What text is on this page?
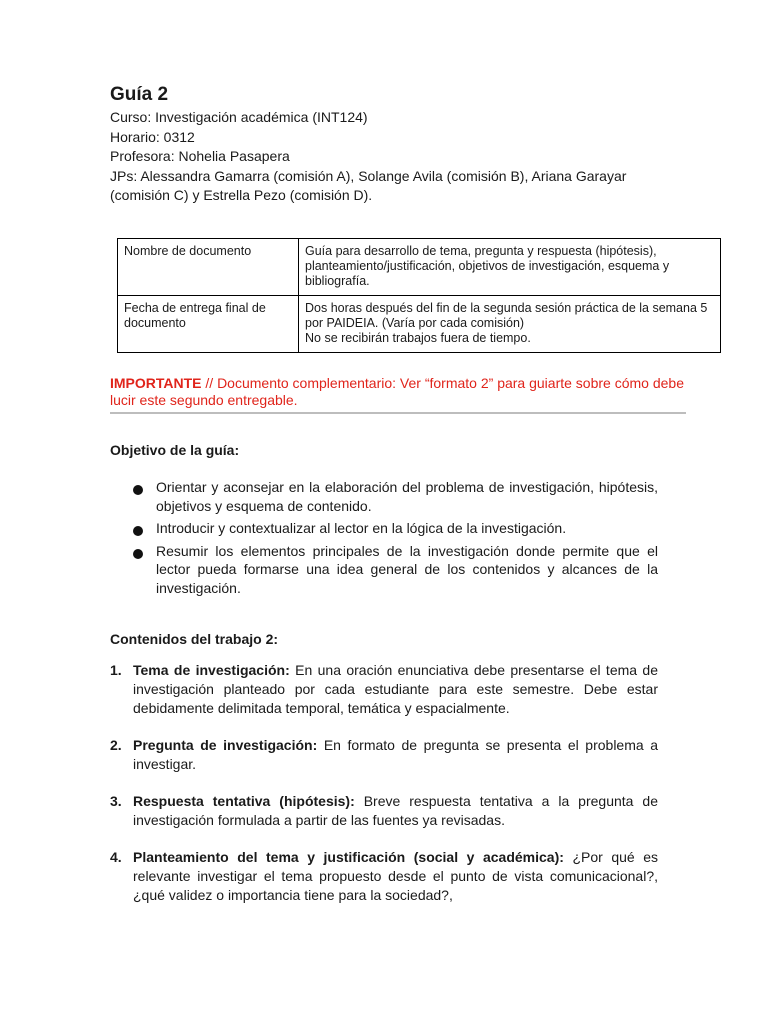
Guía 2
Curso: Investigación académica (INT124)
Horario: 0312
Profesora: Nohelia Pasapera
JPs: Alessandra Gamarra (comisión A), Solange Avila (comisión B), Ariana Garayar (comisión C) y Estrella Pezo (comisión D).
Nombre de documento	Guía para desarrollo de tema, pregunta y respuesta (hipótesis), planteamiento/justificación, objetivos de investigación, esquema y bibliografía.

Fecha de entrega final de documento	Dos horas después del fin de la segunda sesión práctica de la semana 5 por PAIDEIA. (Varía por cada comisión)
No se recibirán trabajos fuera de tiempo.
IMPORTANTE // Documento complementario: Ver “formato 2” para guiarte sobre cómo debe lucir este segundo entregable.
Objetivo de la guía:
Orientar y aconsejar en la elaboración del problema de investigación, hipótesis, objetivos y esquema de contenido.
Introducir y contextualizar al lector en la lógica de la investigación.
Resumir los elementos principales de la investigación donde permite que el lector pueda formarse una idea general de los contenidos y alcances de la investigación.
Contenidos del trabajo 2:
1. Tema de investigación: En una oración enunciativa debe presentarse el tema de investigación planteado por cada estudiante para este semestre. Debe estar debidamente delimitada temporal, temática y espacialmente.
2. Pregunta de investigación: En formato de pregunta se presenta el problema a investigar.
3. Respuesta tentativa (hipótesis): Breve respuesta tentativa a la pregunta de investigación formulada a partir de las fuentes ya revisadas.
4. Planteamiento del tema y justificación (social y académica): ¿Por qué es relevante investigar el tema propuesto desde el punto de vista comunicacional?, ¿qué validez o importancia tiene para la sociedad?,
